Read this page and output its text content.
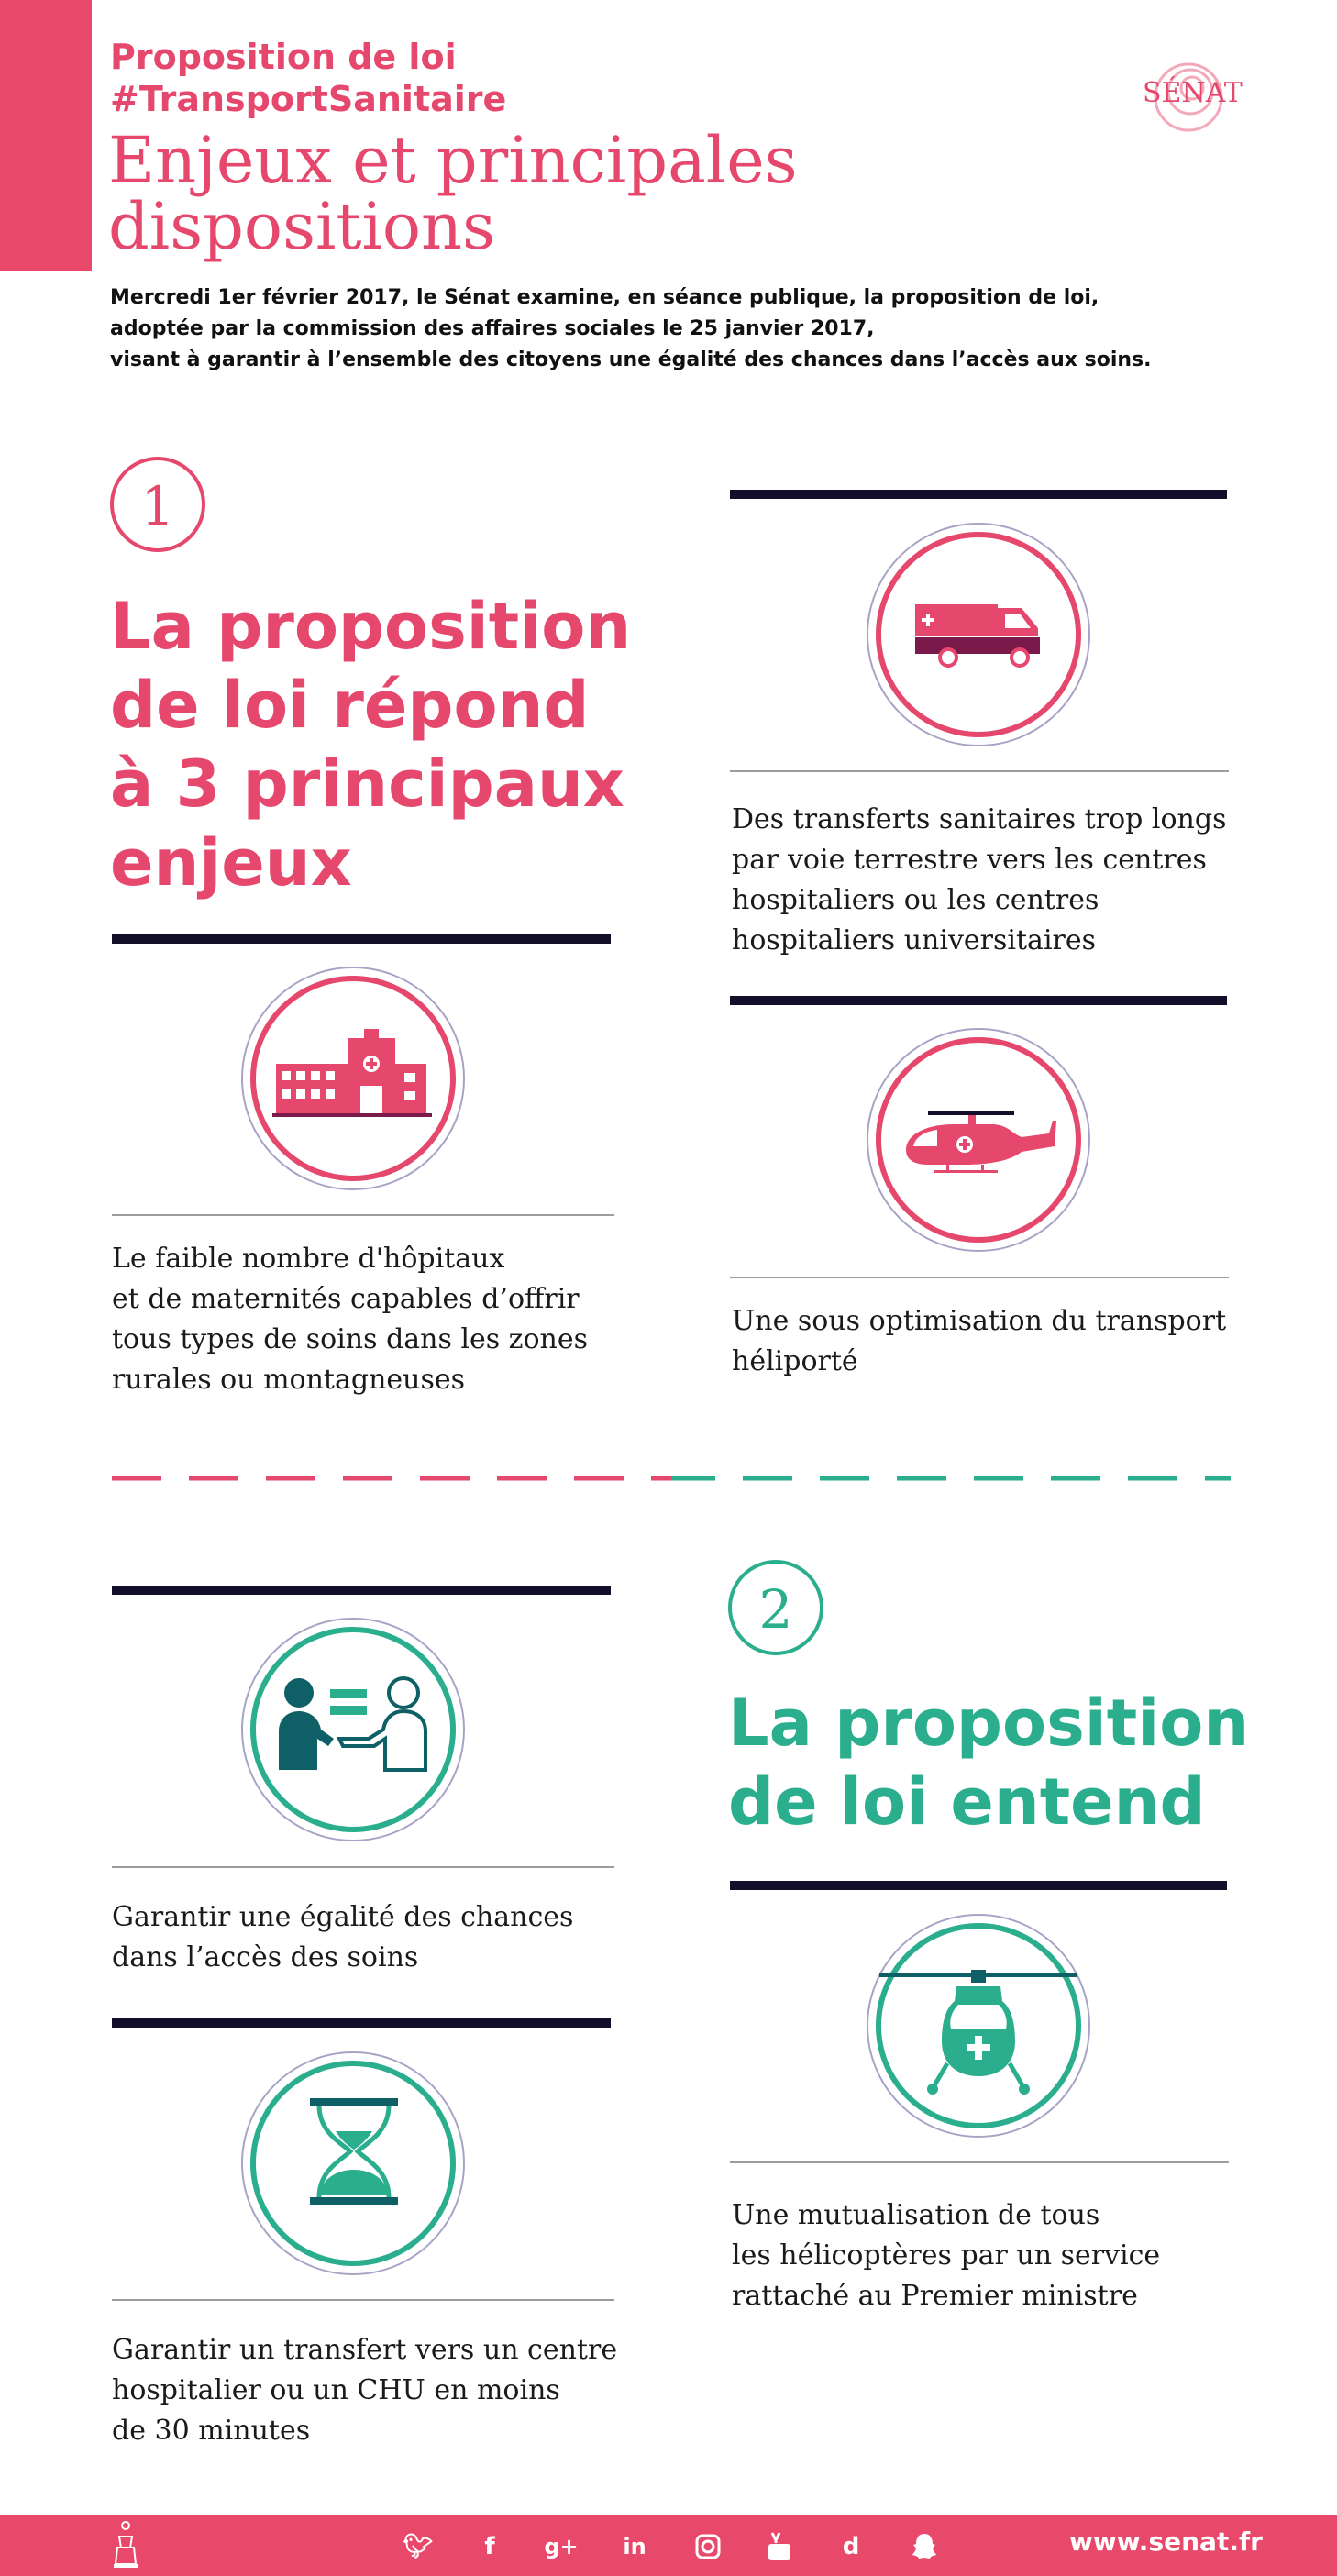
Proposition de loi
#TransportSanitaire
Enjeux et principales
dispositions
Mercredi 1er février 2017, le Sénat examine, en séance publique, la proposition de loi,
adoptée par la commission des affaires sociales le 25 janvier 2017,
visant à garantir à l’ensemble des citoyens une égalité des chances dans l’accès aux soins.
SÉNAT
1
La proposition
de loi répond
à 3 principaux
enjeux
Des transferts sanitaires trop longs
par voie terrestre vers les centres
hospitaliers ou les centres
hospitaliers universitaires
Le faible nombre d'hôpitaux
et de maternités capables d’offrir
tous types de soins dans les zones
rurales ou montagneuses
Une sous optimisation du transport
héliporté
2
La proposition
de loi entend
Garantir une égalité des chances
dans l’accès des soins
Garantir un transfert vers un centre
hospitalier ou un CHU en moins
de 30 minutes
Une mutualisation de tous
les hélicoptères par un service
rattaché au Premier ministre
🐦︎	f	g+	in	d	www.senat.fr
